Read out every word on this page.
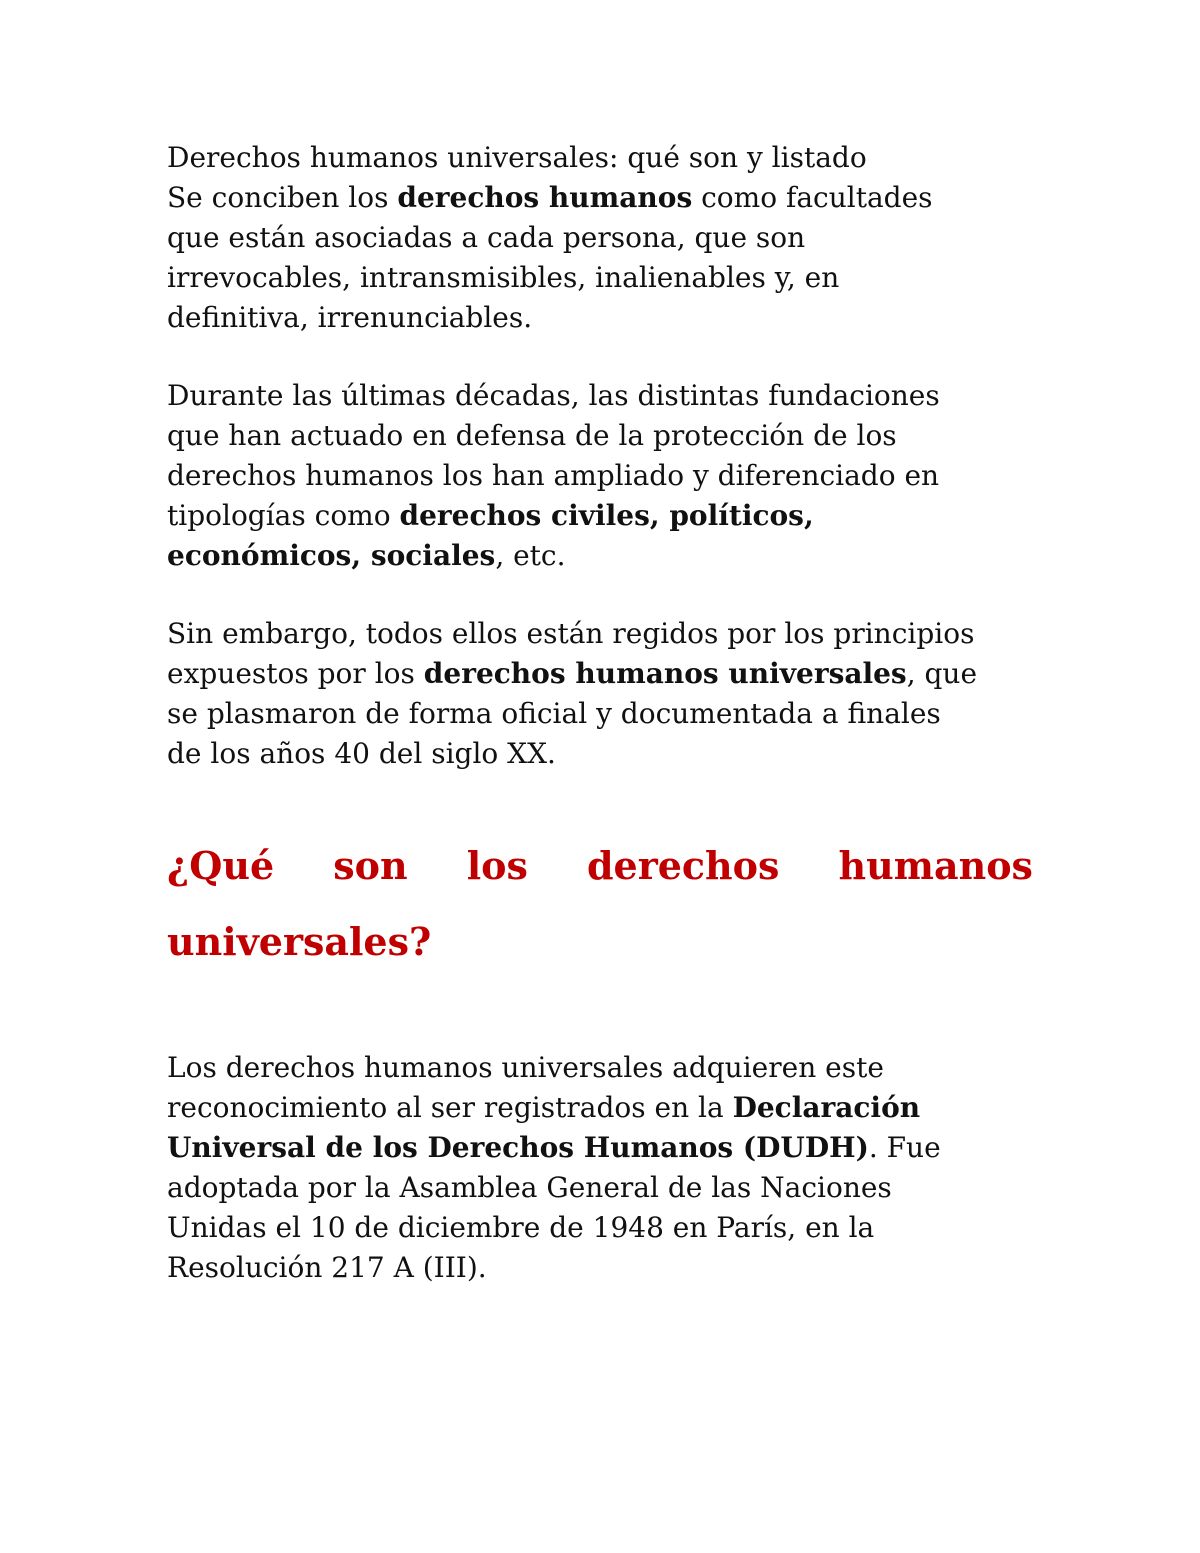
Derechos humanos universales: qué son y listado
Se conciben los derechos humanos como facultades
que están asociadas a cada persona, que son
irrevocables, intransmisibles, inalienables y, en
definitiva, irrenunciables.

Durante las últimas décadas, las distintas fundaciones
que han actuado en defensa de la protección de los
derechos humanos los han ampliado y diferenciado en
tipologías como derechos civiles, políticos,
económicos, sociales, etc.

Sin embargo, todos ellos están regidos por los principios
expuestos por los derechos humanos universales, que
se plasmaron de forma oficial y documentada a finales
de los años 40 del siglo XX.

¿Qué son los derechos humanos
universales?

Los derechos humanos universales adquieren este
reconocimiento al ser registrados en la Declaración
Universal de los Derechos Humanos (DUDH). Fue
adoptada por la Asamblea General de las Naciones
Unidas el 10 de diciembre de 1948 en París, en la
Resolución 217 A (III).
